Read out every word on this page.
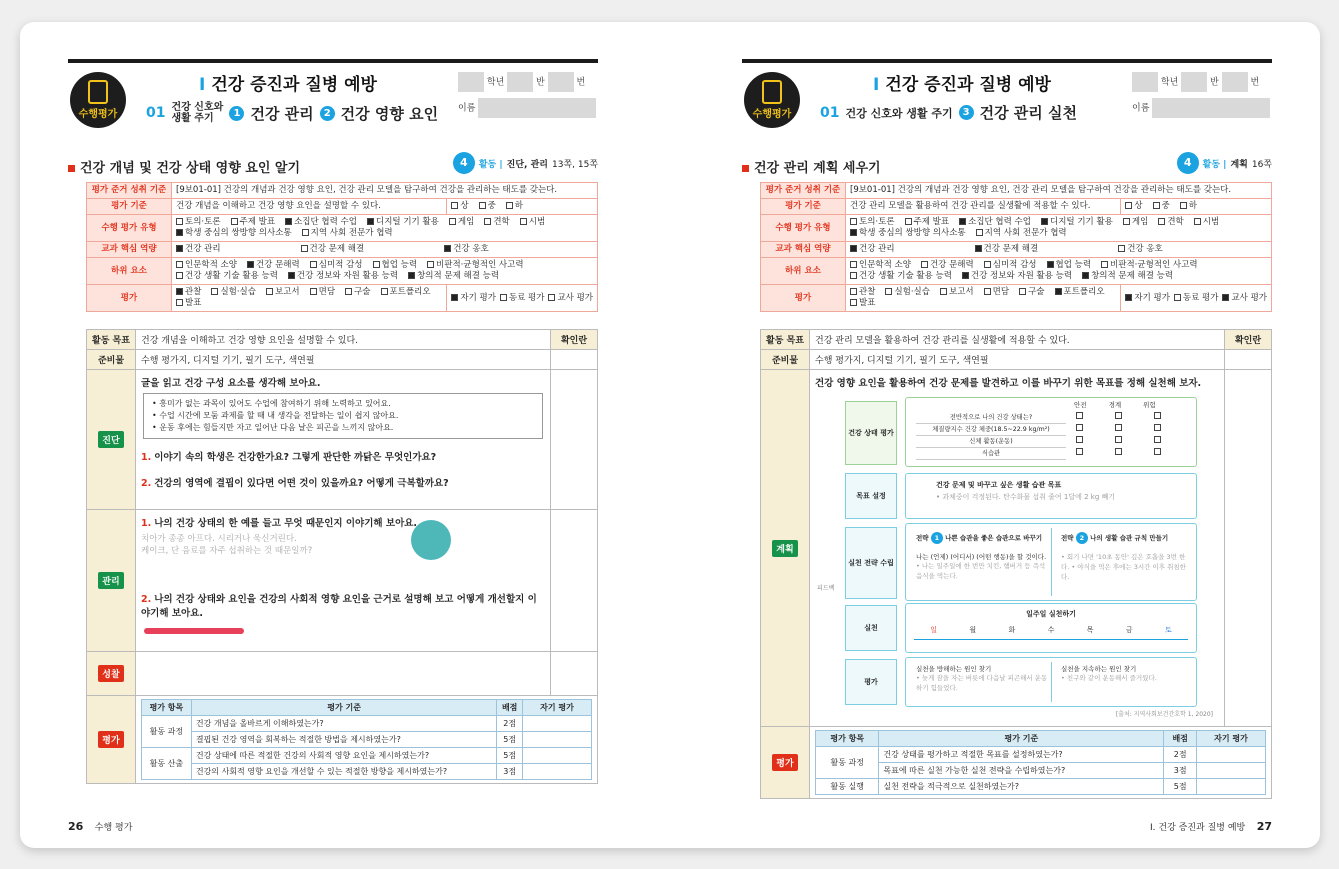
수행평가
I 건강 증진과 질병 예방
01 건강 신호와 생활 주기	1 건강 관리	2 건강 영향 요인
학년	반	번
이름
건강 개념 및 건강 상태 영향 요인 알기	4	활동 | 진단, 관리 13쪽, 15쪽
평가 준거 성취 기준	[9보01-01] 건강의 개념과 건강 영향 요인, 건강 관리 모델을 탐구하여 건강을 관리하는 태도를 갖는다.	
평가 기준	건강 개념을 이해하고 건강 영향 요인을 설명할 수 있다.	상 중 하
수행 평가 유형	토의·토론 주제 발표 소집단 협력 수업 디지털 기기 활용 게임 견학 시범
학생 중심의 쌍방향 의사소통 지역 사회 전문가 협력	
교과 핵심 역량	건강 관리 건강 문제 해결 건강 옹호	
하위 요소	인문학적 소양 건강 문해력 심미적 감성 협업 능력 비판적·균형적인 사고력
건강 생활 기술 활용 능력 건강 정보와 자원 활용 능력 창의적 문제 해결 능력	
평가	관찰 실험·실습 보고서 면담 구술 포트폴리오
발표	자기 평가 동료 평가 교사 평가
활동 목표	건강 개념을 이해하고 건강 영향 요인을 설명할 수 있다.	확인란
준비물	수행 평가지, 디지털 기기, 필기 도구, 색연필	
진단	
글을 읽고 건강 구성 요소를 생각해 보아요.
• 흥미가 없는 과목이 있어도 수업에 참여하기 위해 노력하고 있어요.
• 수업 시간에 모둠 과제를 할 때 내 생각을 전달하는 일이 쉽지 않아요.
• 운동 후에는 힘들지만 자고 일어난 다음 날은 피곤을 느끼지 않아요.
1. 이야기 속의 학생은 건강한가요? 그렇게 판단한 까닭은 무엇인가요?
2. 건강의 영역에 결핍이 있다면 어떤 것이 있을까요? 어떻게 극복할까요?

관리	
1. 나의 건강 상태의 한 예를 들고 무엇 때문인지 이야기해 보아요.
치아가 종종 아프다. 시리거나 욱신거린다.
케이크, 단 음료를 자주 섭취하는 것 때문일까?
2. 나의 건강 상태와 요인을 건강의 사회적 영향 요인을 근거로 설명해 보고 어떻게 개선할지 이야기해 보아요.

성찰		
평가	
평가 항목	평가 기준	배점	자기 평가
활동 과정	건강 개념을 올바르게 이해하였는가?	2점	
결핍된 건강 영역을 회복하는 적절한 방법을 제시하였는가?	5점	
활동 산출	건강 상태에 따른 적절한 건강의 사회적 영향 요인을 제시하였는가?	5점	
건강의 사회적 영향 요인을 개선할 수 있는 적절한 방향을 제시하였는가?	3점	
26 수행 평가
수행평가
I 건강 증진과 질병 예방
01 건강 신호와 생활 주기	3 건강 관리 실천
학년	반	번
이름
건강 관리 계획 세우기	4	활동 | 계획 16쪽
평가 준거 성취 기준	[9보01-01] 건강의 개념과 건강 영향 요인, 건강 관리 모델을 탐구하여 건강을 관리하는 태도를 갖는다.	
평가 기준	건강 관리 모델을 활용하여 건강 관리를 실생활에 적용할 수 있다.	상 중 하
수행 평가 유형	토의·토론 주제 발표 소집단 협력 수업 디지털 기기 활용 게임 견학 시범
학생 중심의 쌍방향 의사소통 지역 사회 전문가 협력	
교과 핵심 역량	건강 관리 건강 문제 해결 건강 옹호	
하위 요소	인문학적 소양 건강 문해력 심미적 감성 협업 능력 비판적·균형적인 사고력
건강 생활 기술 활용 능력 건강 정보와 자원 활용 능력 창의적 문제 해결 능력	
평가	관찰 실험·실습 보고서 면담 구술 포트폴리오
발표	자기 평가 동료 평가 교사 평가
활동 목표	건강 관리 모델을 활용하여 건강 관리를 실생활에 적용할 수 있다.	확인란
준비물	수행 평가지, 디지털 기기, 필기 도구, 색연필	
계획	
건강 영향 요인을 활용하여 건강 문제를 발견하고 이를 바꾸기 위한 목표를 정해 실천해 보자.
건강 상태 평가
안전	경계	위험
전반적으로 나의 건강 상태는?
체질량지수 건강 체중(18.5~22.9 kg/m²)
신체 활동(운동)
식습관
목표 설정
건강 문제 및 바꾸고 싶은 생활 습관 목표
• 과체중이 걱정된다. 탄수화물 섭취 줄여 1달에 2 kg 빼기
실천 전략 수립
전략 1 나쁜 습관을 좋은 습관으로 바꾸기
나는 (언제) (어디서) (어떤 행동)을 할 것이다.
• 나는 일주일에 한 번만 치킨, 햄버거 등 즉석 음식을 먹는다.
전략 2 나의 생활 습관 규칙 만들기
• 회기 나면 '10초 동안' 깊은 호흡을 3번 한다. • 야식을 먹은 후에는 3시간 이후 취침한다.
피드백
실천
일주일 실천하기
일	월	화	수	목	금	토
평가
실천을 방해하는 원인 찾기
• 늦게 잠을 자는 버릇에 다음날 피곤해서 운동하기 힘들었다.
실천을 지속하는 원인 찾기
• 친구와 같이 운동해서 즐거웠다.
[출처: 지역사회보건간호학 1, 2020]

평가	
평가 항목	평가 기준	배점	자기 평가
활동 과정	건강 상태를 평가하고 적절한 목표를 설정하였는가?	2점	
목표에 따른 실천 가능한 실천 전략을 수립하였는가?	3점	
활동 실행	실천 전략을 적극적으로 실천하였는가?	5점	
I. 건강 증진과 질병 예방 27
